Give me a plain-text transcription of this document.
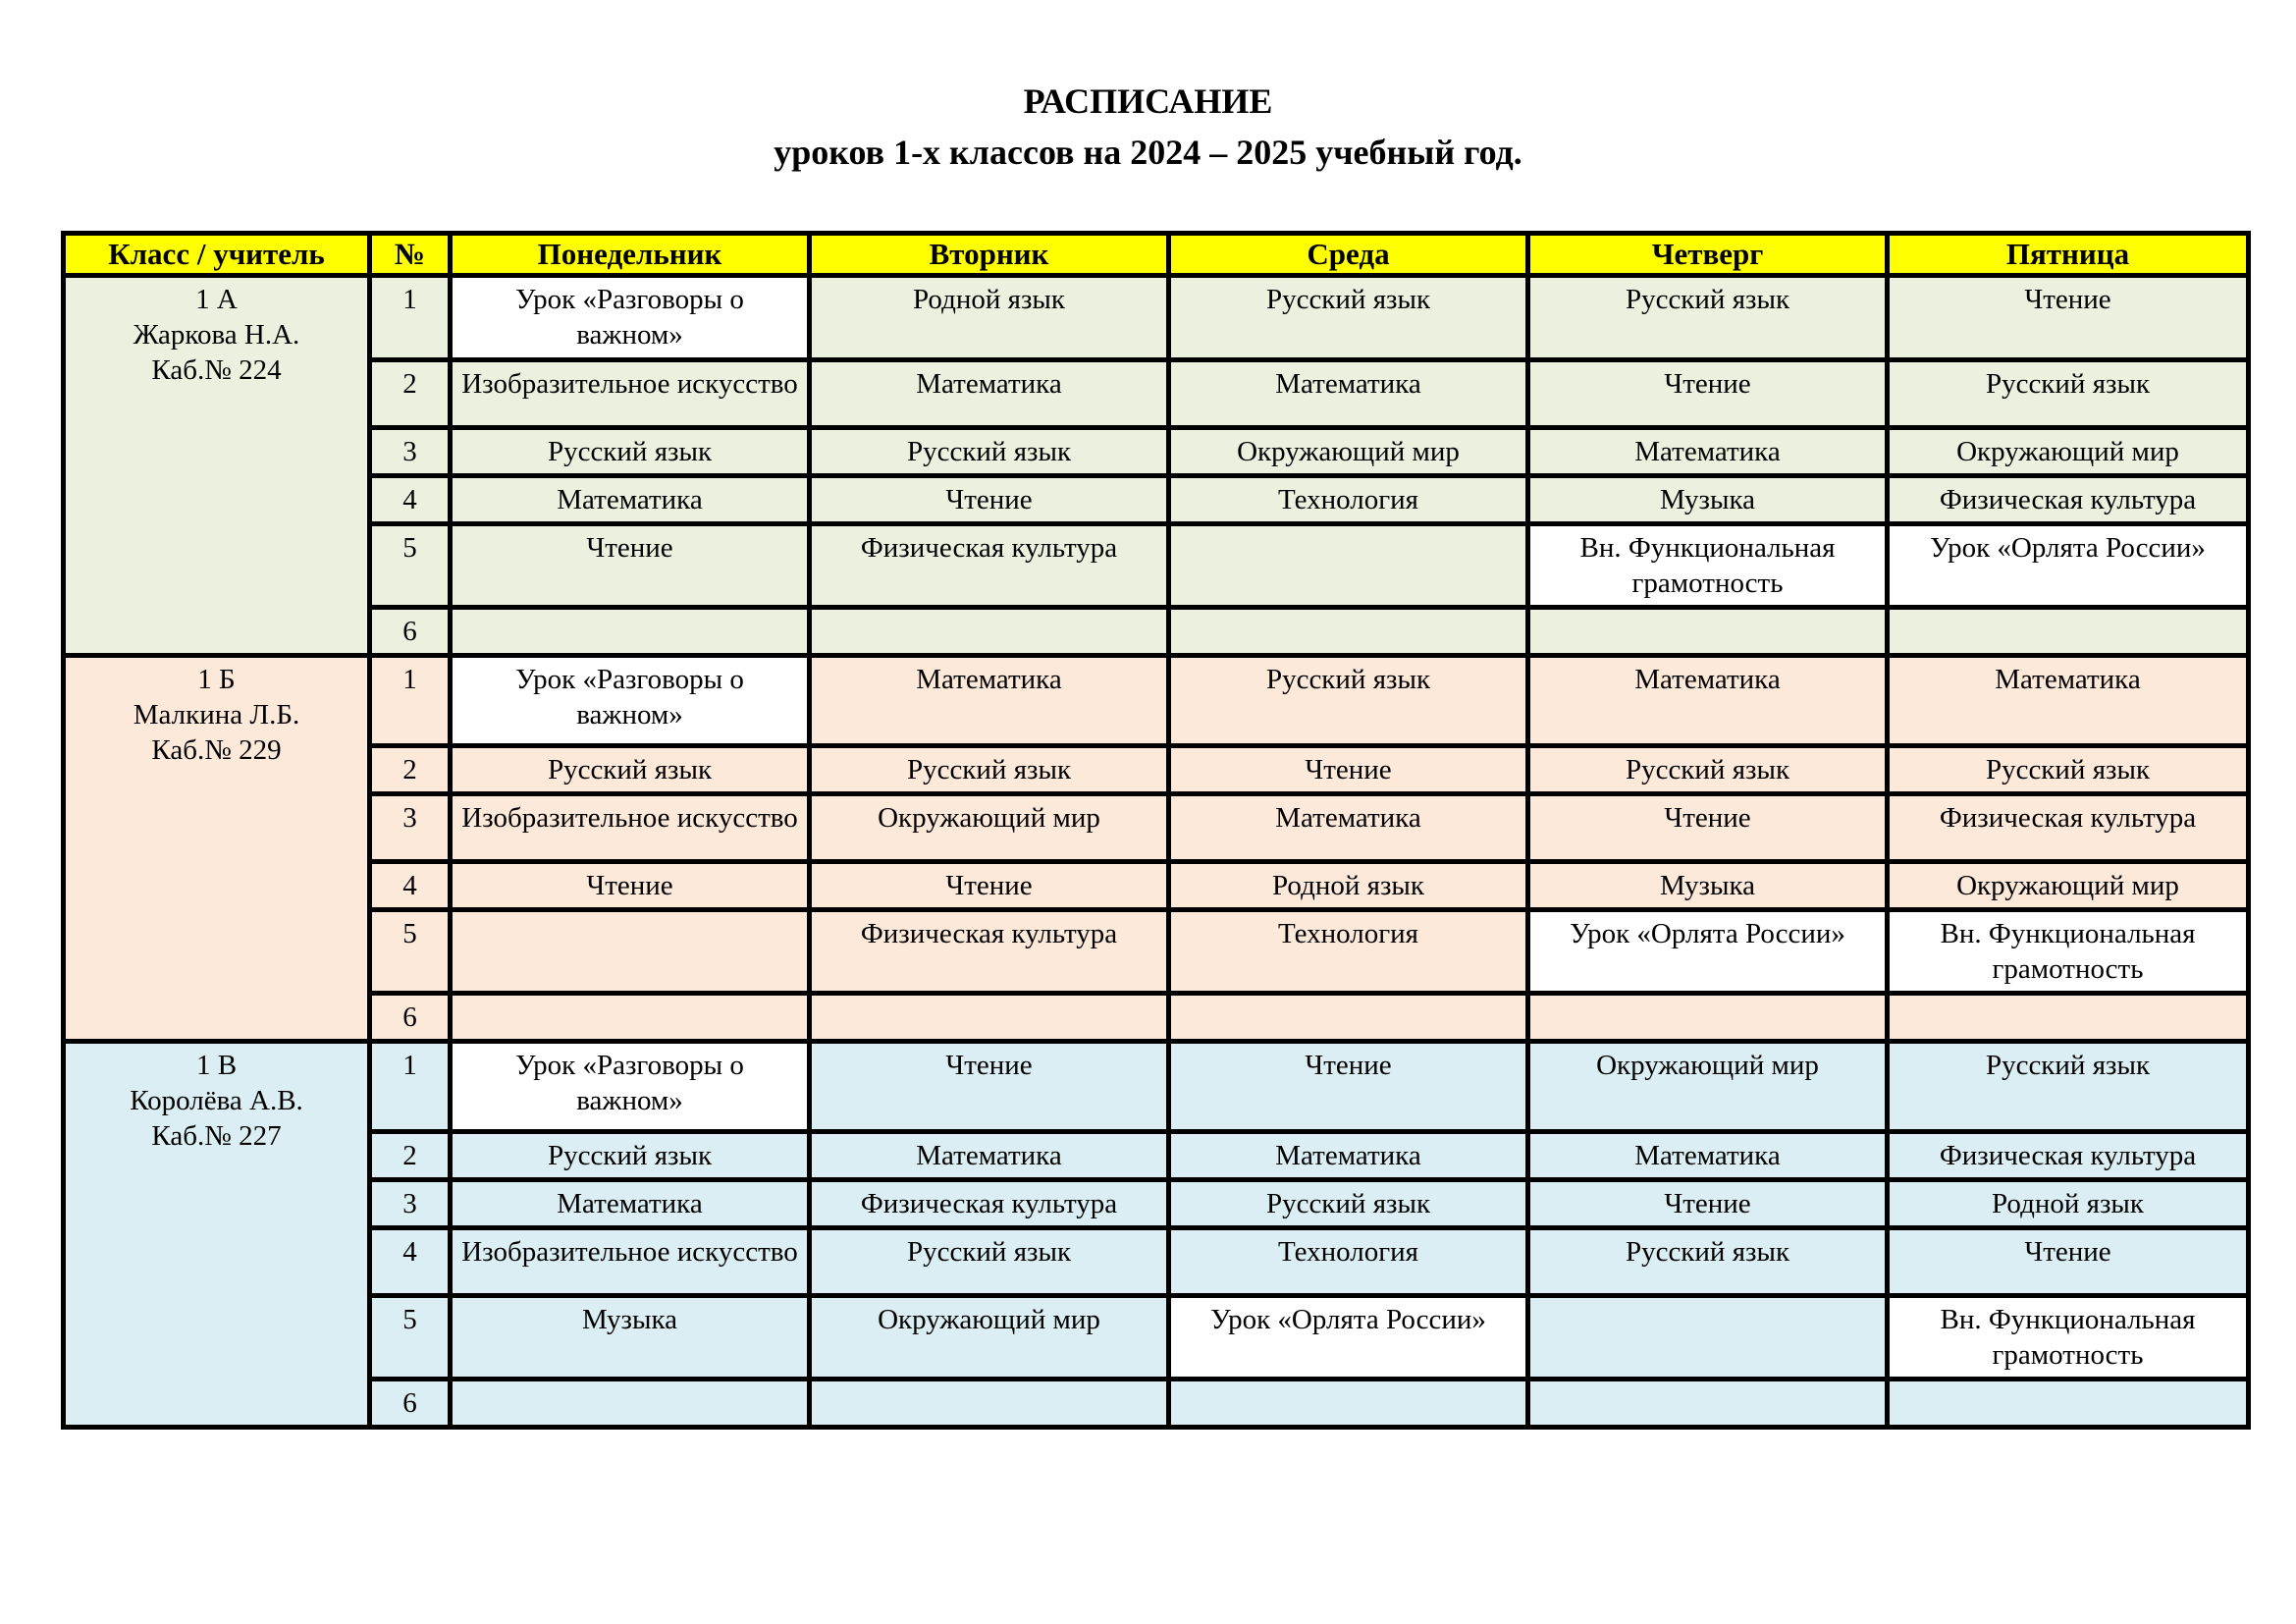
РАСПИСАНИЕ
уроков 1-х классов на 2024 – 2025 учебный год.
Класс / учитель	№	Понедельник	Вторник	Среда	Четверг	Пятница

1 А
Жаркова Н.А.
Каб.№ 224	1	Урок «Разговоры о важном»	Родной язык	Русский язык	Русский язык	Чтение
	2	Изобразительное искусство	Математика	Математика	Чтение	Русский язык
	3	Русский язык	Русский язык	Окружающий мир	Математика	Окружающий мир
	4	Математика	Чтение	Технология	Музыка	Физическая культура
	5	Чтение	Физическая культура		Вн. Функциональная грамотность	Урок «Орлята России»
	6					

1 Б
Малкина Л.Б.
Каб.№ 229	1	Урок «Разговоры о важном»	Математика	Русский язык	Математика	Математика
	2	Русский язык	Русский язык	Чтение	Русский язык	Русский язык
	3	Изобразительное искусство	Окружающий мир	Математика	Чтение	Физическая культура
	4	Чтение	Чтение	Родной язык	Музыка	Окружающий мир
	5		Физическая культура	Технология	Урок «Орлята России»	Вн. Функциональная грамотность
	6					

1 В
Королёва А.В.
Каб.№ 227	1	Урок «Разговоры о важном»	Чтение	Чтение	Окружающий мир	Русский язык
	2	Русский язык	Математика	Математика	Математика	Физическая культура
	3	Математика	Физическая культура	Русский язык	Чтение	Родной язык
	4	Изобразительное искусство	Русский язык	Технология	Русский язык	Чтение
	5	Музыка	Окружающий мир	Урок «Орлята России»		Вн. Функциональная грамотность
	6					
